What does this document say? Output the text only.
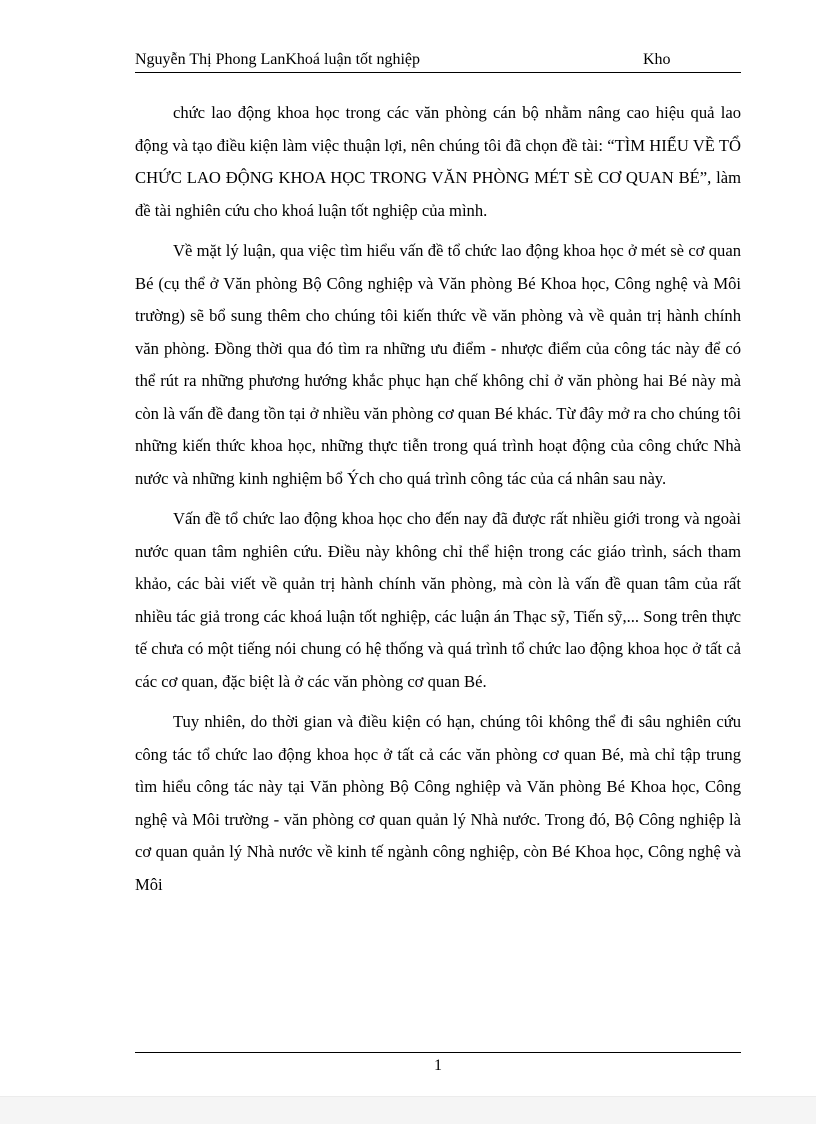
Nguyễn Thị Phong LanKhoá luận tốt nghiệp	Kho

chức lao động khoa học trong các văn phòng cán bộ nhằm nâng cao hiệu quả lao động và tạo điều kiện làm việc thuận lợi, nên chúng tôi đã chọn đề tài: “TÌM HIỂU VỀ TỔ CHỨC LAO ĐỘNG KHOA HỌC TRONG VĂN PHÒNG MÉT SÈ CƠ QUAN BÉ”, làm đề tài nghiên cứu cho khoá luận tốt nghiệp của mình.

Về mặt lý luận, qua việc tìm hiểu vấn đề tổ chức lao động khoa học ở mét sè cơ quan Bé (cụ thể ở Văn phòng Bộ Công nghiệp và Văn phòng Bé Khoa học, Công nghệ và Môi trường) sẽ bổ sung thêm cho chúng tôi kiến thức về văn phòng và về quản trị hành chính văn phòng. Đồng thời qua đó tìm ra những ưu điểm - nhược điểm của công tác này để có thể rút ra những phương hướng khắc phục hạn chế không chỉ ở văn phòng hai Bé này mà còn là vấn đề đang tồn tại ở nhiều văn phòng cơ quan Bé khác. Từ đây mở ra cho chúng tôi những kiến thức khoa học, những thực tiễn trong quá trình hoạt động của công chức Nhà nước và những kinh nghiệm bổ Ých cho quá trình công tác của cá nhân sau này.

Vấn đề tổ chức lao động khoa học cho đến nay đã được rất nhiều giới trong và ngoài nước quan tâm nghiên cứu. Điều này không chỉ thể hiện trong các giáo trình, sách tham khảo, các bài viết về quản trị hành chính văn phòng, mà còn là vấn đề quan tâm của rất nhiều tác giả trong các khoá luận tốt nghiệp, các luận án Thạc sỹ, Tiến sỹ,... Song trên thực tế chưa có một tiếng nói chung có hệ thống và quá trình tổ chức lao động khoa học ở tất cả các cơ quan, đặc biệt là ở các văn phòng cơ quan Bé.

Tuy nhiên, do thời gian và điều kiện có hạn, chúng tôi không thể đi sâu nghiên cứu công tác tổ chức lao động khoa học ở tất cả các văn phòng cơ quan Bé, mà chỉ tập trung tìm hiểu công tác này tại Văn phòng Bộ Công nghiệp và Văn phòng Bé Khoa học, Công nghệ và Môi trường - văn phòng cơ quan quản lý Nhà nước. Trong đó, Bộ Công nghiệp là cơ quan quản lý Nhà nước về kinh tế ngành công nghiệp, còn Bé Khoa học, Công nghệ và Môi

1
